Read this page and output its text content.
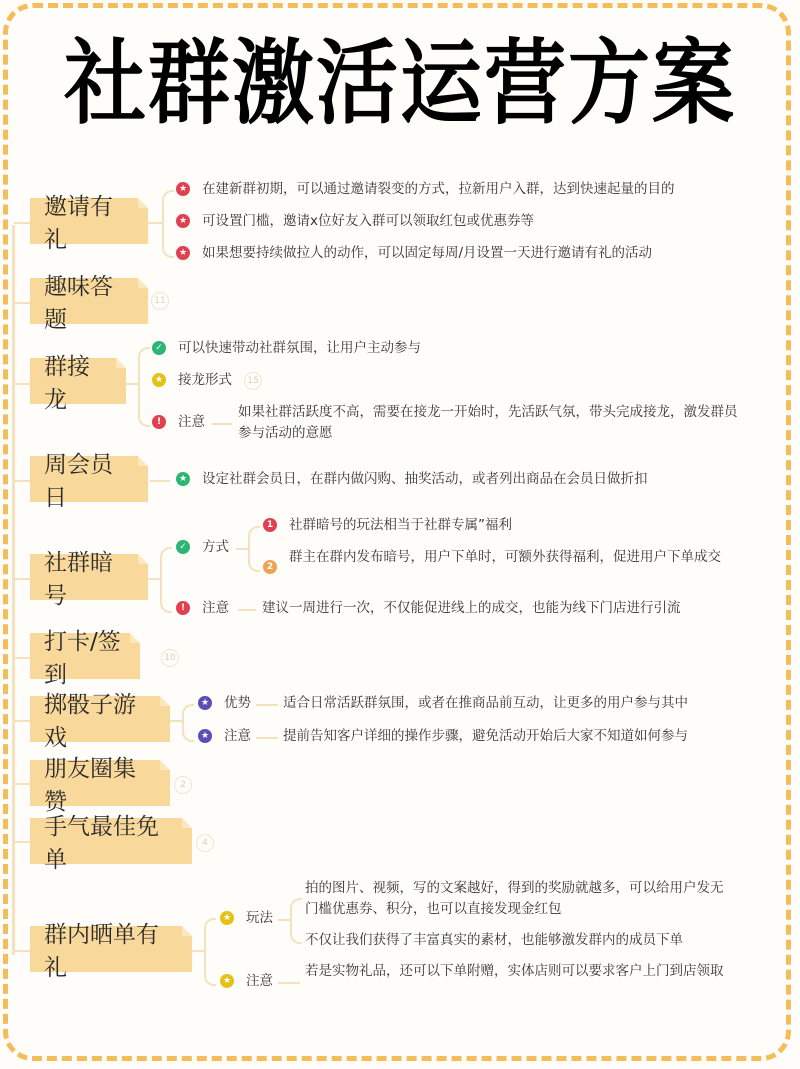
社群激活运营方案
邀请有礼
★ 在建新群初期，可以通过邀请裂变的方式，拉新用户入群，达到快速起量的目的
★ 可设置门槛，邀请x位好友入群可以领取红包或优惠券等
★ 如果想要持续做拉人的动作，可以固定每周/月设置一天进行邀请有礼的活动
趣味答题
11
群接龙
✓ 可以快速带动社群氛围，让用户主动参与
★ 接龙形式 15
!	注意
如果社群活跃度不高，需要在接龙一开始时，先活跃气氛，带头完成接龙，激发群员参与活动的意愿
周会员日
★ 设定社群会员日，在群内做闪购、抽奖活动，或者列出商品在会员日做折扣
社群暗号
✓ 方式
1 社群暗号的玩法相当于社群专属”福利
2
群主在群内发布暗号，用户下单时，可额外获得福利，促进用户下单成交
!	注意 建议一周进行一次，不仅能促进线上的成交，也能为线下门店进行引流
打卡/签到
10
掷骰子游戏
★ 优势 适合日常活跃群氛围，或者在推商品前互动，让更多的用户参与其中
★ 注意 提前告知客户详细的操作步骤，避免活动开始后大家不知道如何参与
朋友圈集赞
2
手气最佳免单
4
群内晒单有礼
★ 玩法
拍的图片、视频，写的文案越好，得到的奖励就越多，可以给用户发无门槛优惠券、积分，也可以直接发现金红包
不仅让我们获得了丰富真实的素材，也能够激发群内的成员下单
★ 注意
若是实物礼品，还可以下单附赠，实体店则可以要求客户上门到店领取
